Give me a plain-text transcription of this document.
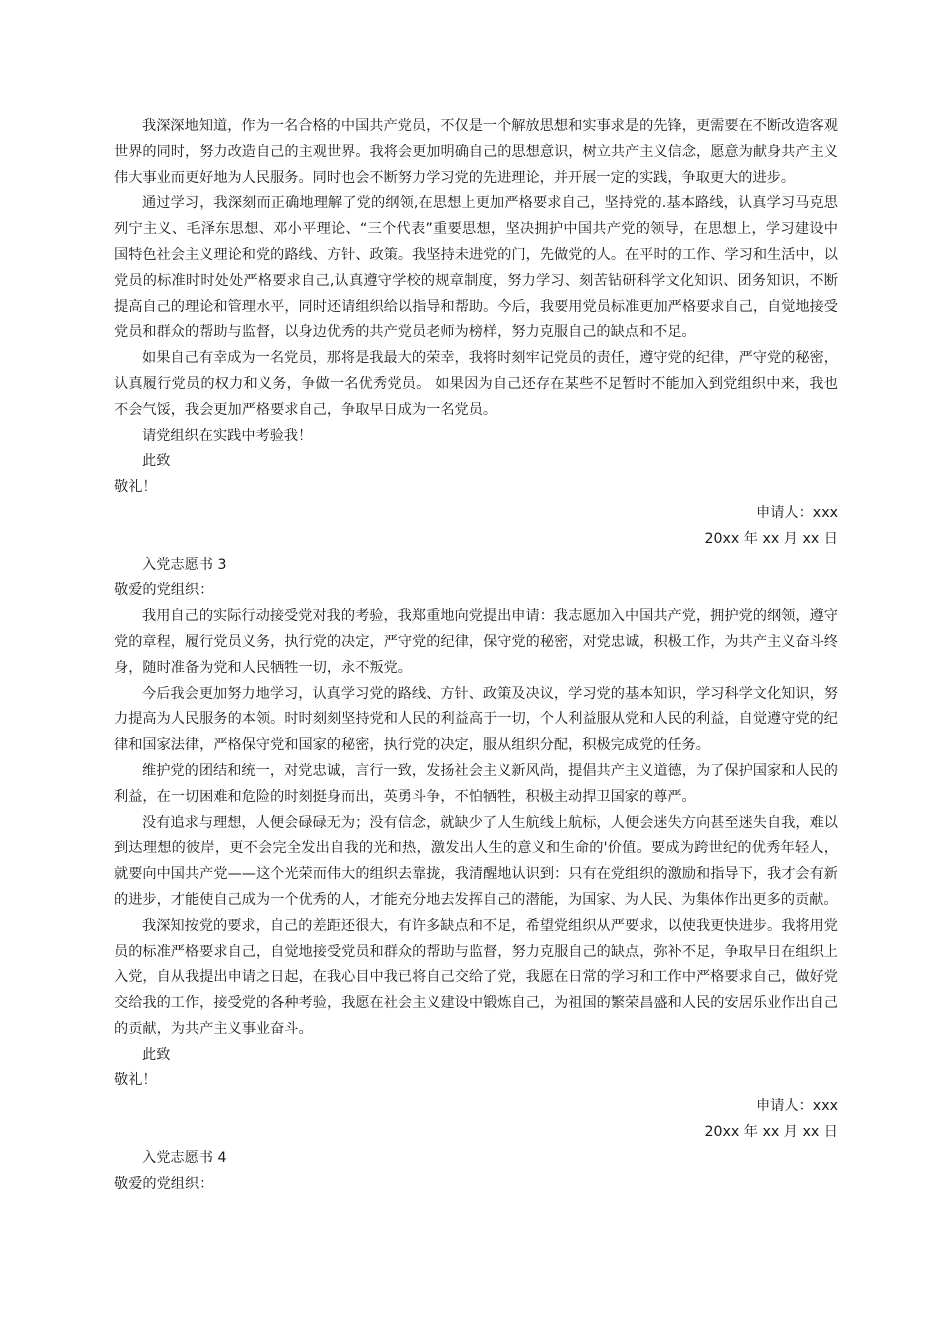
我深深地知道，作为一名合格的中国共产党员，不仅是一个解放思想和实事求是的先锋，更需要在不断改造客观世界的同时，努力改造自己的主观世界。我将会更加明确自己的思想意识，树立共产主义信念，愿意为献身共产主义伟大事业而更好地为人民服务。同时也会不断努力学习党的先进理论，并开展一定的实践，争取更大的进步。
通过学习，我深刻而正确地理解了党的纲领,在思想上更加严格要求自己，坚持党的.基本路线，认真学习马克思列宁主义、毛泽东思想、邓小平理论、“三个代表”重要思想，坚决拥护中国共产党的领导，在思想上，学习建设中国特色社会主义理论和党的路线、方针、政策。我坚持未进党的门，先做党的人。在平时的工作、学习和生活中，以党员的标准时时处处严格要求自己,认真遵守学校的规章制度，努力学习、刻苦钻研科学文化知识、团务知识，不断提高自己的理论和管理水平，同时还请组织给以指导和帮助。今后，我要用党员标准更加严格要求自己，自觉地接受党员和群众的帮助与监督，以身边优秀的共产党员老师为榜样，努力克服自己的缺点和不足。
如果自己有幸成为一名党员，那将是我最大的荣幸，我将时刻牢记党员的责任，遵守党的纪律，严守党的秘密，认真履行党员的权力和义务，争做一名优秀党员。 如果因为自己还存在某些不足暂时不能加入到党组织中来，我也不会气馁，我会更加严格要求自己，争取早日成为一名党员。
请党组织在实践中考验我！
此致
敬礼！
申请人：xxx
20xx 年 xx 月 xx 日
入党志愿书 3
敬爱的党组织：
我用自己的实际行动接受党对我的考验，我郑重地向党提出申请：我志愿加入中国共产党，拥护党的纲领，遵守党的章程，履行党员义务，执行党的决定，严守党的纪律，保守党的秘密，对党忠诚，积极工作，为共产主义奋斗终身，随时准备为党和人民牺牲一切，永不叛党。
今后我会更加努力地学习，认真学习党的路线、方针、政策及决议，学习党的基本知识，学习科学文化知识，努力提高为人民服务的本领。时时刻刻坚持党和人民的利益高于一切，个人利益服从党和人民的利益，自觉遵守党的纪律和国家法律，严格保守党和国家的秘密，执行党的决定，服从组织分配，积极完成党的任务。
维护党的团结和统一，对党忠诚，言行一致，发扬社会主义新风尚，提倡共产主义道德，为了保护国家和人民的利益，在一切困难和危险的时刻挺身而出，英勇斗争，不怕牺牲，积极主动捍卫国家的尊严。
没有追求与理想，人便会碌碌无为；没有信念，就缺少了人生航线上航标，人便会迷失方向甚至迷失自我，难以到达理想的彼岸，更不会完全发出自我的光和热，激发出人生的意义和生命的'价值。要成为跨世纪的优秀年轻人，就要向中国共产党——这个光荣而伟大的组织去靠拢，我清醒地认识到：只有在党组织的激励和指导下，我才会有新的进步，才能使自己成为一个优秀的人，才能充分地去发挥自己的潜能，为国家、为人民、为集体作出更多的贡献。
我深知按党的要求，自己的差距还很大，有许多缺点和不足，希望党组织从严要求，以使我更快进步。我将用党员的标准严格要求自己，自觉地接受党员和群众的帮助与监督，努力克服自己的缺点，弥补不足，争取早日在组织上入党，自从我提出申请之日起，在我心目中我已将自己交给了党，我愿在日常的学习和工作中严格要求自己，做好党交给我的工作，接受党的各种考验，我愿在社会主义建设中锻炼自己，为祖国的繁荣昌盛和人民的安居乐业作出自己的贡献，为共产主义事业奋斗。
此致
敬礼！
申请人：xxx
20xx 年 xx 月 xx 日
入党志愿书 4
敬爱的党组织：
